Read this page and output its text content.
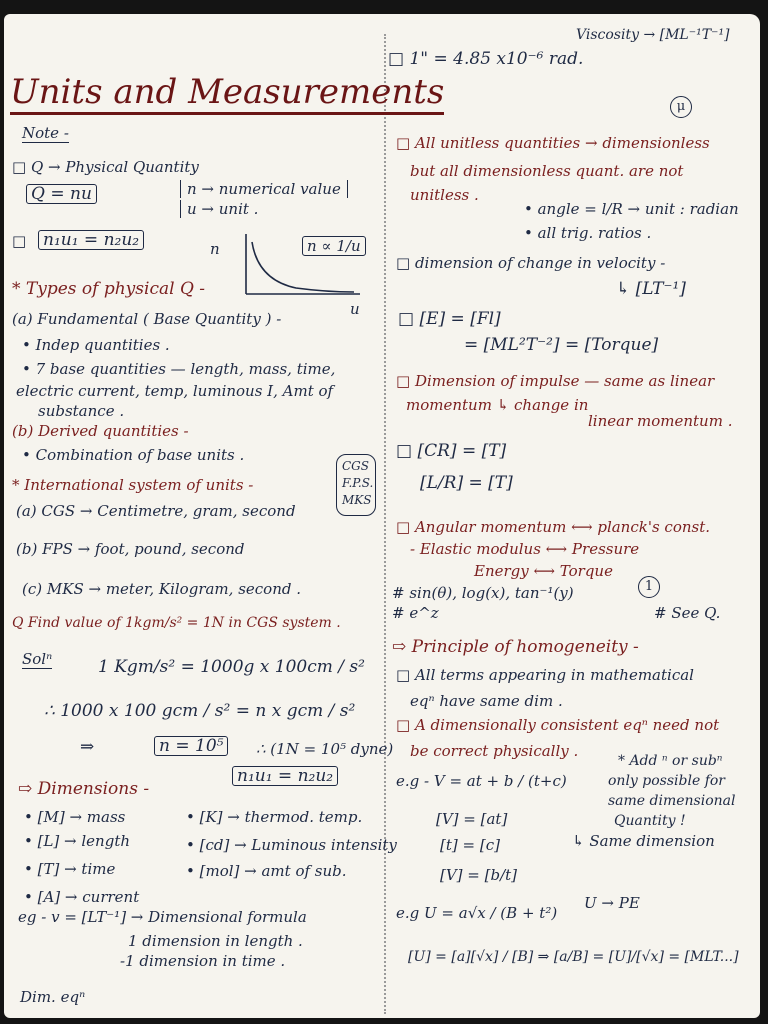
Viscosity → [ML⁻¹T⁻¹]
□ 1" = 4.85 x10⁻⁶ rad.
Units and Measurements
Note -
□ Q → Physical Quantity
Q = nu	n → numerical value
u → unit .
□ n₁u₁ = n₂u₂	n
u
n ∝ 1/u
* Types of physical Q -
(a) Fundamental ( Base Quantity ) -
• Indep quantities .
• 7 base quantities — length, mass, time,
electric current, temp, luminous I, Amt of
substance .
(b) Derived quantities -
• Combination of base units .
* International system of units -
CGS
F.P.S.
MKS
(a) CGS → Centimetre, gram, second
(b) FPS → foot, pound, second
(c) MKS → meter, Kilogram, second .
Q Find value of 1kgm/s² = 1N in CGS system .
Solⁿ	1 Kgm/s² = 1000g x 100cm / s²
∴ 1000 x 100 gcm / s² = n x gcm / s²
⇒	n = 10⁵	∴ (1N = 10⁵ dyne)
n₁u₁ = n₂u₂
⇨ Dimensions -
• [M] → mass
• [L] → length
• [T] → time
• [A] → current
• [K] → thermod. temp.
• [cd] → Luminous intensity
• [mol] → amt of sub.
eg - v = [LT⁻¹] → Dimensional formula
1 dimension in length .
-1 dimension in time .
Dim. eqⁿ
μ
□ All unitless quantities → dimensionless
but all dimensionless quant. are not
unitless .
• angle = l/R → unit : radian
• all trig. ratios .
□ dimension of change in velocity -
↳ [LT⁻¹]
□ [E] = [Fl]
= [ML²T⁻²] = [Torque]
□ Dimension of impulse — same as linear
momentum ↳ change in
linear momentum .
□ [CR] = [T]
[L/R] = [T]
□ Angular momentum ⟷ planck's const.
- Elastic modulus ⟷ Pressure
Energy ⟷ Torque
# sin(θ), log(x), tan⁻¹(y)	1
# See Q.
# e^z
⇨ Principle of homogeneity -
□ All terms appearing in mathematical
eqⁿ have same dim .
□ A dimensionally consistent eqⁿ need not
be correct physically .
* Add ⁿ or subⁿ
only possible for
same dimensional
Quantity !
e.g - V = at + b / (t+c)
[V] = [at]
[t] = [c]	↳ Same dimension
[V] = [b/t]
e.g U = a√x / (B + t²)
U → PE
[U] = [a][√x] / [B] ⇒ [a/B] = [U]/[√x] = [MLT...]
